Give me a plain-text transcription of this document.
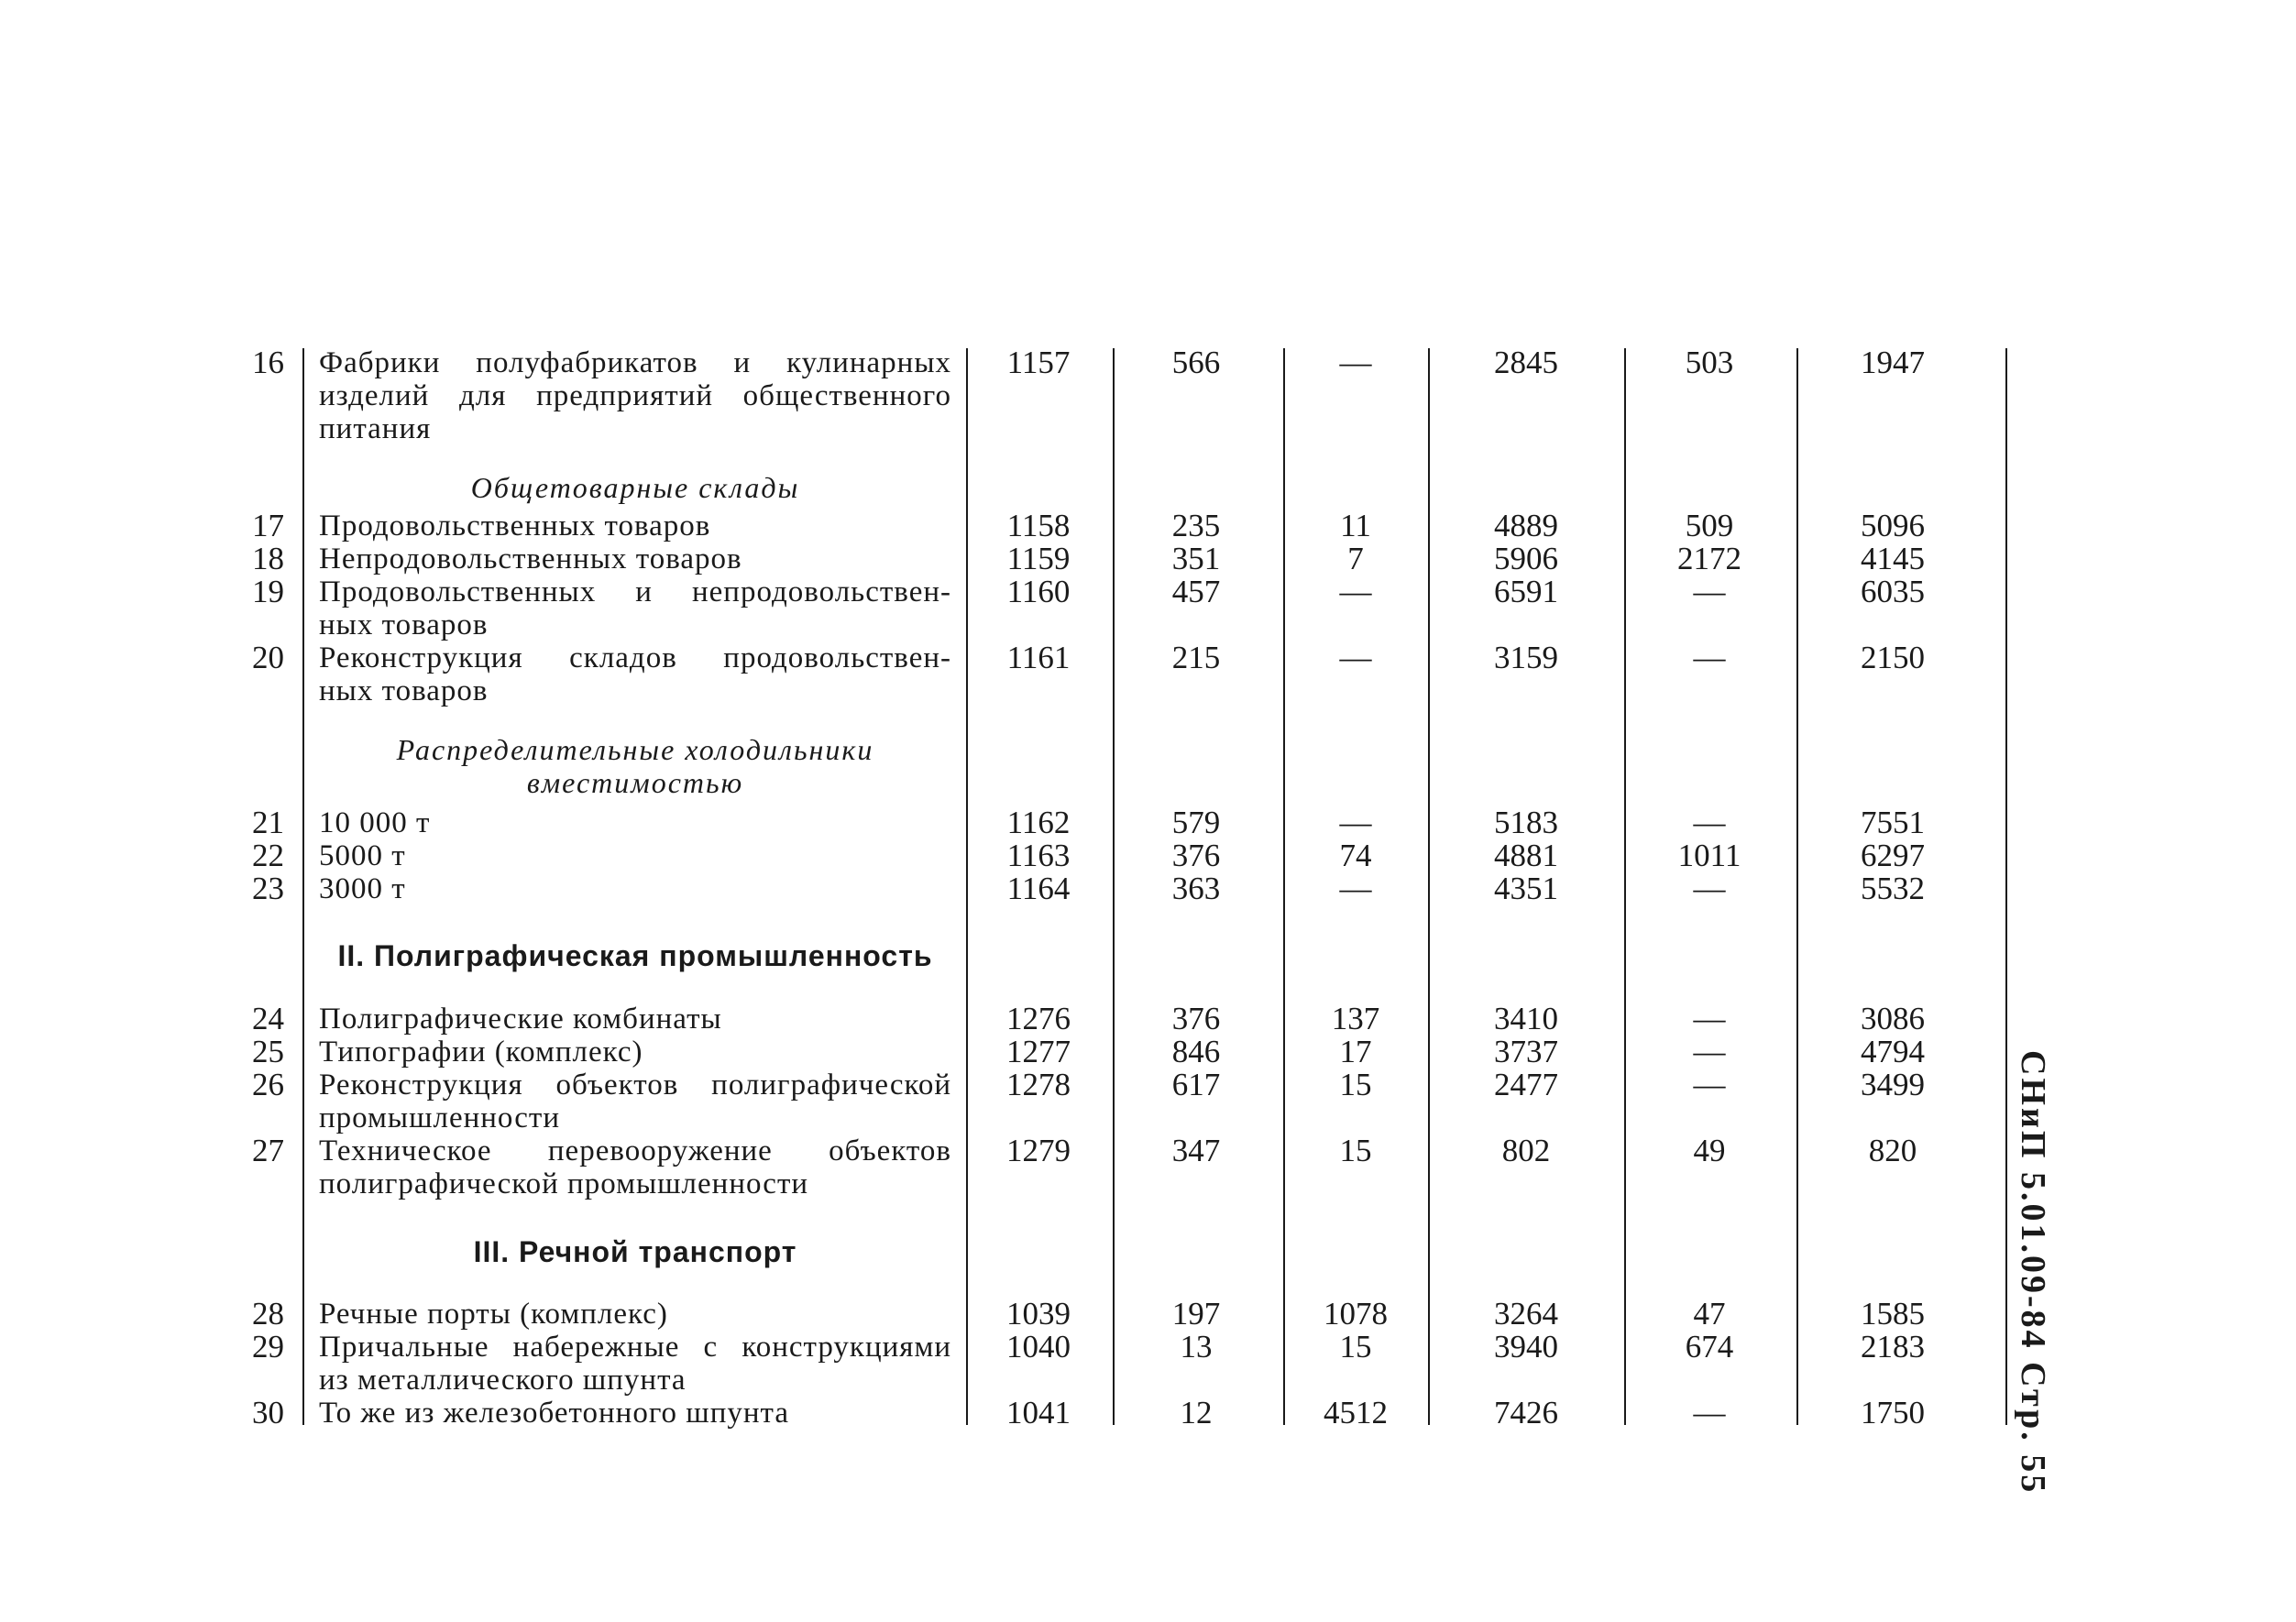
16 Фабрики полуфабрикатов и кулинарных изделий для предприятий общественного питания
1157	566	—	2845	503	1947
Общетоварные склады
17 Продовольственных товаров	1158	235	11	4889	509	5096
18 Непродовольственных товаров	1159	351	7	5906	2172	4145
19 Продовольственных и непродовольствен-
ных товаров
1160	457	—	6591	—	6035
20 Реконструкция складов продовольствен-
ных товаров
1161	215	—	3159	—	2150
Распределительные холодильники
вместимостью
21 10 000 т	1162	579	—	5183	—	7551
22 5000 т	1163	376	74	4881	1011	6297
23 3000 т	1164	363	—	4351	—	5532
II. Полиграфическая промышленность
24 Полиграфические комбинаты	1276	376	137	3410	—	3086
25 Типографии (комплекс)	1277	846	17	3737	—	4794
26 Реконструкция объектов полиграфической
промышленности
1278	617	15	2477	—	3499
27 Техническое перевооружение объектов
полиграфической промышленности
1279	347	15	802	49	820
III. Речной транспорт
28 Речные порты (комплекс)	1039	197	1078	3264	47	1585
29 Причальные набережные с конструкциями
из металлического шпунта
1040	13	15	3940	674	2183
30 То же из железобетонного шпунта	1041	12	4512	7426	—	1750	СНиП 5.01.09-84 Стр. 55
